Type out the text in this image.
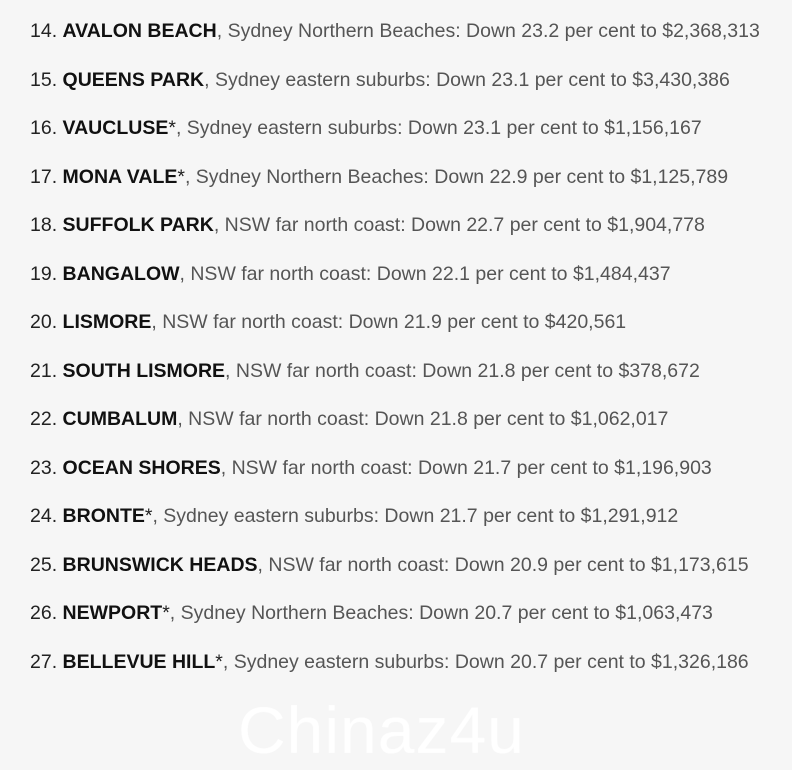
14. AVALON BEACH, Sydney Northern Beaches: Down 23.2 per cent to $2,368,313
15. QUEENS PARK, Sydney eastern suburbs: Down 23.1 per cent to $3,430,386
16. VAUCLUSE*, Sydney eastern suburbs: Down 23.1 per cent to $1,156,167
17. MONA VALE*, Sydney Northern Beaches: Down 22.9 per cent to $1,125,789
18. SUFFOLK PARK, NSW far north coast: Down 22.7 per cent to $1,904,778
19. BANGALOW, NSW far north coast: Down 22.1 per cent to $1,484,437
20. LISMORE, NSW far north coast: Down 21.9 per cent to $420,561
21. SOUTH LISMORE, NSW far north coast: Down 21.8 per cent to $378,672
22. CUMBALUM, NSW far north coast: Down 21.8 per cent to $1,062,017
23. OCEAN SHORES, NSW far north coast: Down 21.7 per cent to $1,196,903
24. BRONTE*, Sydney eastern suburbs: Down 21.7 per cent to $1,291,912
25. BRUNSWICK HEADS, NSW far north coast: Down 20.9 per cent to $1,173,615
26. NEWPORT*, Sydney Northern Beaches: Down 20.7 per cent to $1,063,473
27. BELLEVUE HILL*, Sydney eastern suburbs: Down 20.7 per cent to $1,326,186
Chinaz4u
